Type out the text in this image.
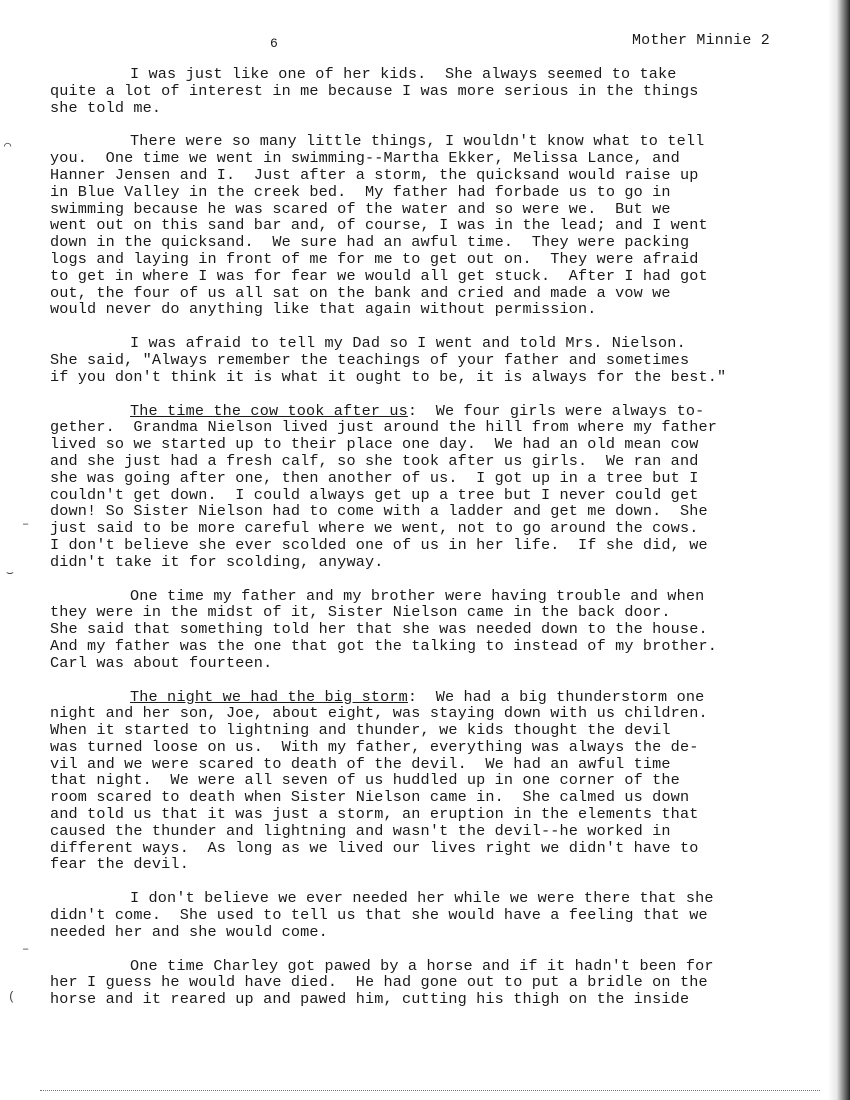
Mother Minnie 2
6
I was just like one of her kids.  She always seemed to take
quite a lot of interest in me because I was more serious in the things
she told me.
There were so many little things, I wouldn't know what to tell
you.  One time we went in swimming--Martha Ekker, Melissa Lance, and
Hanner Jensen and I.  Just after a storm, the quicksand would raise up
in Blue Valley in the creek bed.  My father had forbade us to go in
swimming because he was scared of the water and so were we.  But we
went out on this sand bar and, of course, I was in the lead; and I went
down in the quicksand.  We sure had an awful time.  They were packing
logs and laying in front of me for me to get out on.  They were afraid
to get in where I was for fear we would all get stuck.  After I had got
out, the four of us all sat on the bank and cried and made a vow we
would never do anything like that again without permission.
I was afraid to tell my Dad so I went and told Mrs. Nielson.
She said, "Always remember the teachings of your father and sometimes
if you don't think it is what it ought to be, it is always for the best."
The time the cow took after us:  We four girls were always to-
gether.  Grandma Nielson lived just around the hill from where my father
lived so we started up to their place one day.  We had an old mean cow
and she just had a fresh calf, so she took after us girls.  We ran and
she was going after one, then another of us.  I got up in a tree but I
couldn't get down.  I could always get up a tree but I never could get
down! So Sister Nielson had to come with a ladder and get me down.  She
just said to be more careful where we went, not to go around the cows.
I don't believe she ever scolded one of us in her life.  If she did, we
didn't take it for scolding, anyway.
One time my father and my brother were having trouble and when
they were in the midst of it, Sister Nielson came in the back door.
She said that something told her that she was needed down to the house.
And my father was the one that got the talking to instead of my brother.
Carl was about fourteen.
The night we had the big storm:  We had a big thunderstorm one
night and her son, Joe, about eight, was staying down with us children.
When it started to lightning and thunder, we kids thought the devil
was turned loose on us.  With my father, everything was always the de-
vil and we were scared to death of the devil.  We had an awful time
that night.  We were all seven of us huddled up in one corner of the
room scared to death when Sister Nielson came in.  She calmed us down
and told us that it was just a storm, an eruption in the elements that
caused the thunder and lightning and wasn't the devil--he worked in
different ways.  As long as we lived our lives right we didn't have to
fear the devil.
I don't believe we ever needed her while we were there that she
didn't come.  She used to tell us that she would have a feeling that we
needed her and she would come.
One time Charley got pawed by a horse and if it hadn't been for
her I guess he would have died.  He had gone out to put a bridle on the
horse and it reared up and pawed him, cutting his thigh on the inside
⌒
‒
⌣
‒
(
